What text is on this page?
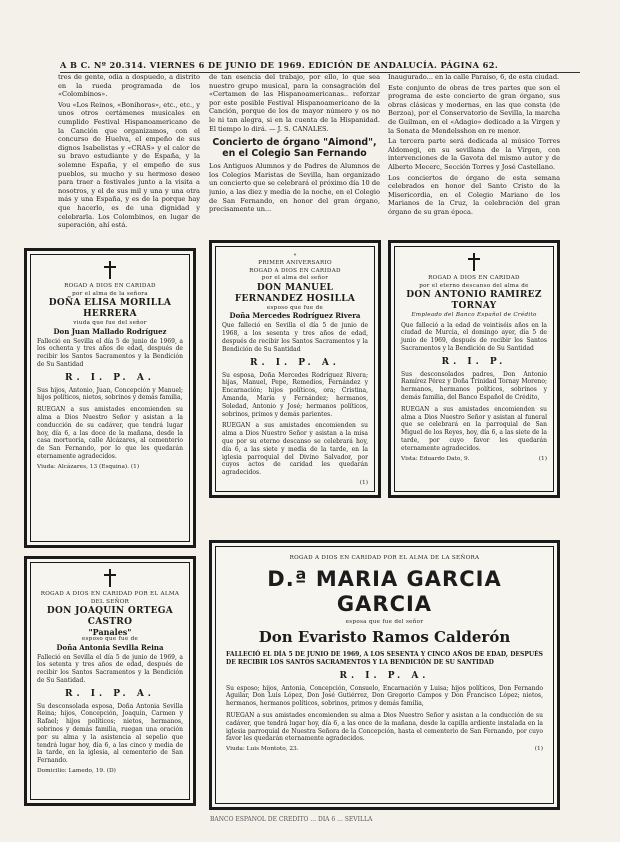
A B C. Nº 20.314. VIERNES 6 DE JUNIO DE 1969. EDICIÓN DE ANDALUCÍA. PÁGINA 62.

tres de gente, odia a dospuedo, a distrito en la rueda programada de los «Colombinos».

Vou «Los Reinos, «Bonihoras», etc., etc., y unos otros certámenes musicales en cumplido Festival Hispanoamericano de la Canción que organizamos, con el concurso de Huelva, el empeño de sus dignos Isabelistas y «CRAS» y el calor de su bravo estudiante y de España, y la solemne España, y el empeño de sus pueblos, su mucho y su hermoso deseo para traer a festivales junto a la visita a nosotros, y el de sus mil y una y una otra más y una España, y es de la porque hay que hacerlo, es de una dignidad y celebrarla. Los Colombinos, en lugar de superación, ahí está.

de tan esencia del trabajo, por ello, lo que sea nuestro grupo musical, para la consagración del «Certamen de las Hispanoamericanas.. reforzar por este posible Festival Hispanoamericano de la Canción, porque de los de mayor número y os no le ni tan alegra, si en la cuenta de la Hispanidad. El tiempo lo dirá. — J. S. CANALES.

Concierto de órgano "Aimond", en el Colegio San Fernando

Los Antiguos Alumnos y de Padres de Alumnos de los Colegios Maristas de Sevilla, han organizado un concierto que se celebrará el próximo día 10 de junio, a las diez y media de la noche, en el Colegio de San Fernando, en honor del gran órgano, precisamente un...

Inaugurado... en la calle Paraíso, 6, de esta ciudad.

Este conjunto de obras de tres partes que son el programa de este concierto de gran órgano, sus obras clásicas y modernas, en las que consta (de Berzoa), por el Conservatorio de Sevilla, la marcha de Guilman, en el «Adagio» dedicado a la Virgen y la Sonata de Mendelsshon en re menor.

La tercera parte será dedicada al músico Torres Aldomegi, en su sevillana de la Virgen, con intervenciones de la Gavota del mismo autor y de Alberto Mecerc, Sección Torres y José Castellano.

Los conciertos de órgano de esta semana celebrados en honor del Santo Cristo de la Misericordia, en el Colegio Mariano de los Marianos de la Cruz, la celebración del gran órgano de su gran época.

ROGAD A DIOS EN CARIDAD
por el alma de la señora
DOÑA ELISA MORILLA HERRERA
viuda que fue del señor
Don Juan Mallado Rodríguez
Falleció en Sevilla el día 5 de junio de 1969, a los ochenta y tres años de edad, después de recibir los Santos Sacramentos y la Bendición de Su Santidad
R. I. P. A.
Sus hijos, Antonio, Juan, Concepción y Manuel; hijos políticos, nietos, sobrinos y demás familia,
RUEGAN a sus amistades encomienden su alma a Dios Nuestro Señor y asistan a la conducción de su cadáver, que tendrá lugar hoy, día 6, a las doce de la mañana, desde la casa mortuoria, calle Alcázares, al cementerio de San Fernando, por lo que les quedarán eternamente agradecidos.
Viuda: Alcázares, 13 (Esquina). (1)
ROGAD A DIOS EN CARIDAD POR EL ALMA DEL SEÑOR
DON JOAQUIN ORTEGA CASTRO
"Panales"
esposo que fue de
Doña Antonia Sevilla Reina
Falleció en Sevilla el día 5 de junio de 1969, a los setenta y tres años de edad, después de recibir los Santos Sacramentos y la Bendición de Su Santidad.
R. I. P. A.
Su desconsolada esposa, Doña Antonia Sevilla Reina; hijos, Concepción, Joaquín, Carmen y Rafael; hijos políticos; nietos, hermanos, sobrinos y demás familia, ruegan una oración por su alma y la asistencia al sepelio que tendrá lugar hoy, día 6, a las cinco y media de la tarde, en la iglesia, al cementerio de San Fernando.
Domicilio: Lamedo, 19. (D)
PRIMER ANIVERSARIO
ROGAD A DIOS EN CARIDAD
por el alma del señor
DON MANUEL FERNANDEZ HOSILLA
esposo que fue de
Doña Mercedes Rodríguez Rivera
Que falleció en Sevilla el día 5 de junio de 1968, a los sesenta y tres años de edad, después de recibir los Santos Sacramentos y la Bendición de Su Santidad
R. I. P. A.
Su esposa, Doña Mercedes Rodríguez Rivera; hijas, Manuel, Pepe, Remedios, Fernández y Encarnación; hijos políticos, ora; Cristina, Amanda, María y Fernández; hermanos, Soledad, Antonio y José; hermanos políticos, sobrinos, primos y demás parientes.
RUEGAN a sus amistades encomienden su alma a Dios Nuestro Señor y asistan a la misa que por su eterno descanso se celebrará hoy, día 6, a las siete y media de la tarde, en la iglesia parroquial del Divino Salvador, por cuyos actos de caridad les quedarán agradecidos.
(1)
ROGAD A DIOS EN CARIDAD
por el eterno descanso del alma de
DON ANTONIO RAMIREZ TORNAY
Empleado del Banco Español de Crédito
Que falleció a la edad de veintiséis años en la ciudad de Murcia, el domingo ayer, día 5 de junio de 1969, después de recibir los Santos Sacramentos y la Bendición de Su Santidad
R. I. P.
Sus desconsolados padres, Don Antonio Ramírez Pérez y Doña Trinidad Tornay Moreno; hermanos, hermanos políticos, sobrinos y demás familia, del Banco Español de Crédito,
RUEGAN a sus amistades encomienden su alma a Dios Nuestro Señor y asistan al funeral que se celebrará en la parroquial de San Miguel de los Reyes, hoy, día 6, a las siete de la tarde, por cuyo favor les quedarán eternamente agradecidos.
Vista: Eduardo Dato, 9.	(1)
ROGAD A DIOS EN CARIDAD POR EL ALMA DE LA SEÑORA
D.ª MARIA GARCIA GARCIA
esposa que fue del señor
Don Evaristo Ramos Calderón
FALLECIÓ EL DÍA 5 DE JUNIO DE 1969, A LOS SESENTA Y CINCO AÑOS DE EDAD, DESPUÉS DE RECIBIR LOS SANTOS SACRAMENTOS Y LA BENDICIÓN DE SU SANTIDAD
R. I. P. A.
Su esposo; hijos, Antonia, Concepción, Consuelo, Encarnación y Luisa; hijos políticos, Don Fernando Aguilar, Don Luis López, Don José Gutiérrez, Don Gregorio Campos y Don Francisco López; nietos, hermanos, hermanos políticos, sobrinos, primos y demás familia,
RUEGAN a sus amistades encomienden su alma a Dios Nuestro Señor y asistan a la conducción de su cadáver, que tendrá lugar hoy, día 6, a las once de la mañana, desde la capilla ardiente instalada en la iglesia parroquial de Nuestra Señora de la Concepción, hasta el cementerio de San Fernando, por cuyo favor les quedarán eternamente agradecidos.
Viuda: Luis Montoto, 23.	(1)
BANCO ESPAÑOL DE CRÉDITO ... DIA 6 ... SEVILLA
